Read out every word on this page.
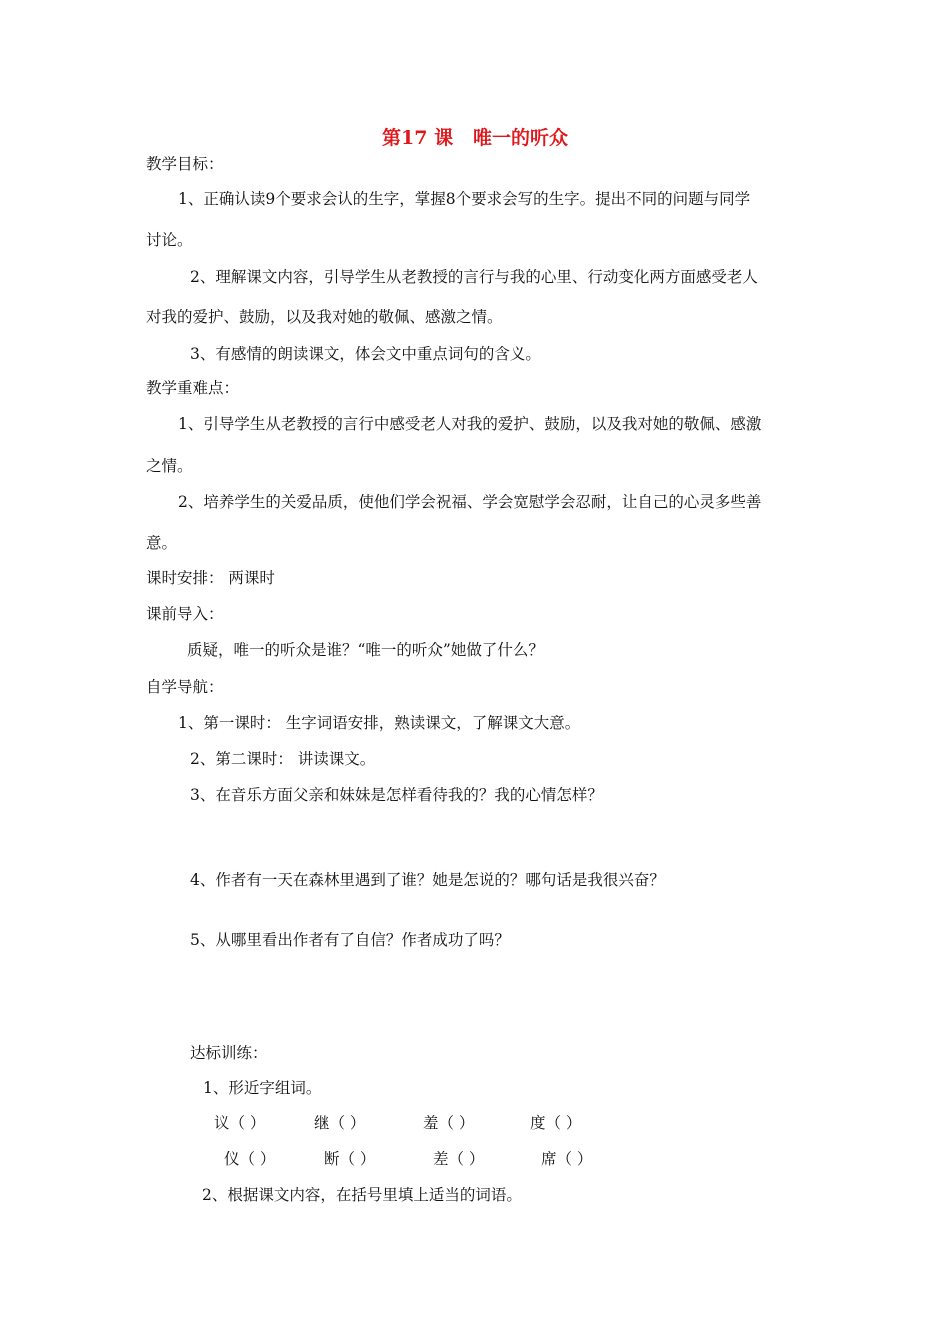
第17 课   唯一的听众
教学目标：
1、正确认读9个要求会认的生字，掌握8个要求会写的生字。提出不同的问题与同学
讨论。
2、理解课文内容，引导学生从老教授的言行与我的心里、行动变化两方面感受老人
对我的爱护、鼓励，以及我对她的敬佩、感激之情。
3、有感情的朗读课文，体会文中重点词句的含义。
教学重难点：
1、引导学生从老教授的言行中感受老人对我的爱护、鼓励，以及我对她的敬佩、感激
之情。
2、培养学生的关爱品质，使他们学会祝福、学会宽慰学会忍耐，让自己的心灵多些善
意。
课时安排： 两课时
课前导入：
质疑，唯一的听众是谁？“唯一的听众”她做了什么？
自学导航：
1、第一课时： 生字词语安排，熟读课文，了解课文大意。
2、第二课时： 讲读课文。
3、在音乐方面父亲和妹妹是怎样看待我的？我的心情怎样？
4、作者有一天在森林里遇到了谁？她是怎说的？哪句话是我很兴奋？
5、从哪里看出作者有了自信？作者成功了吗？
达标训练：
1、形近字组词。
议（ ）	继（ ）	羞（ ）	度（ ）
仪（ ）	断（ ）	差（ ）	席（ ）
2、根据课文内容，在括号里填上适当的词语。
